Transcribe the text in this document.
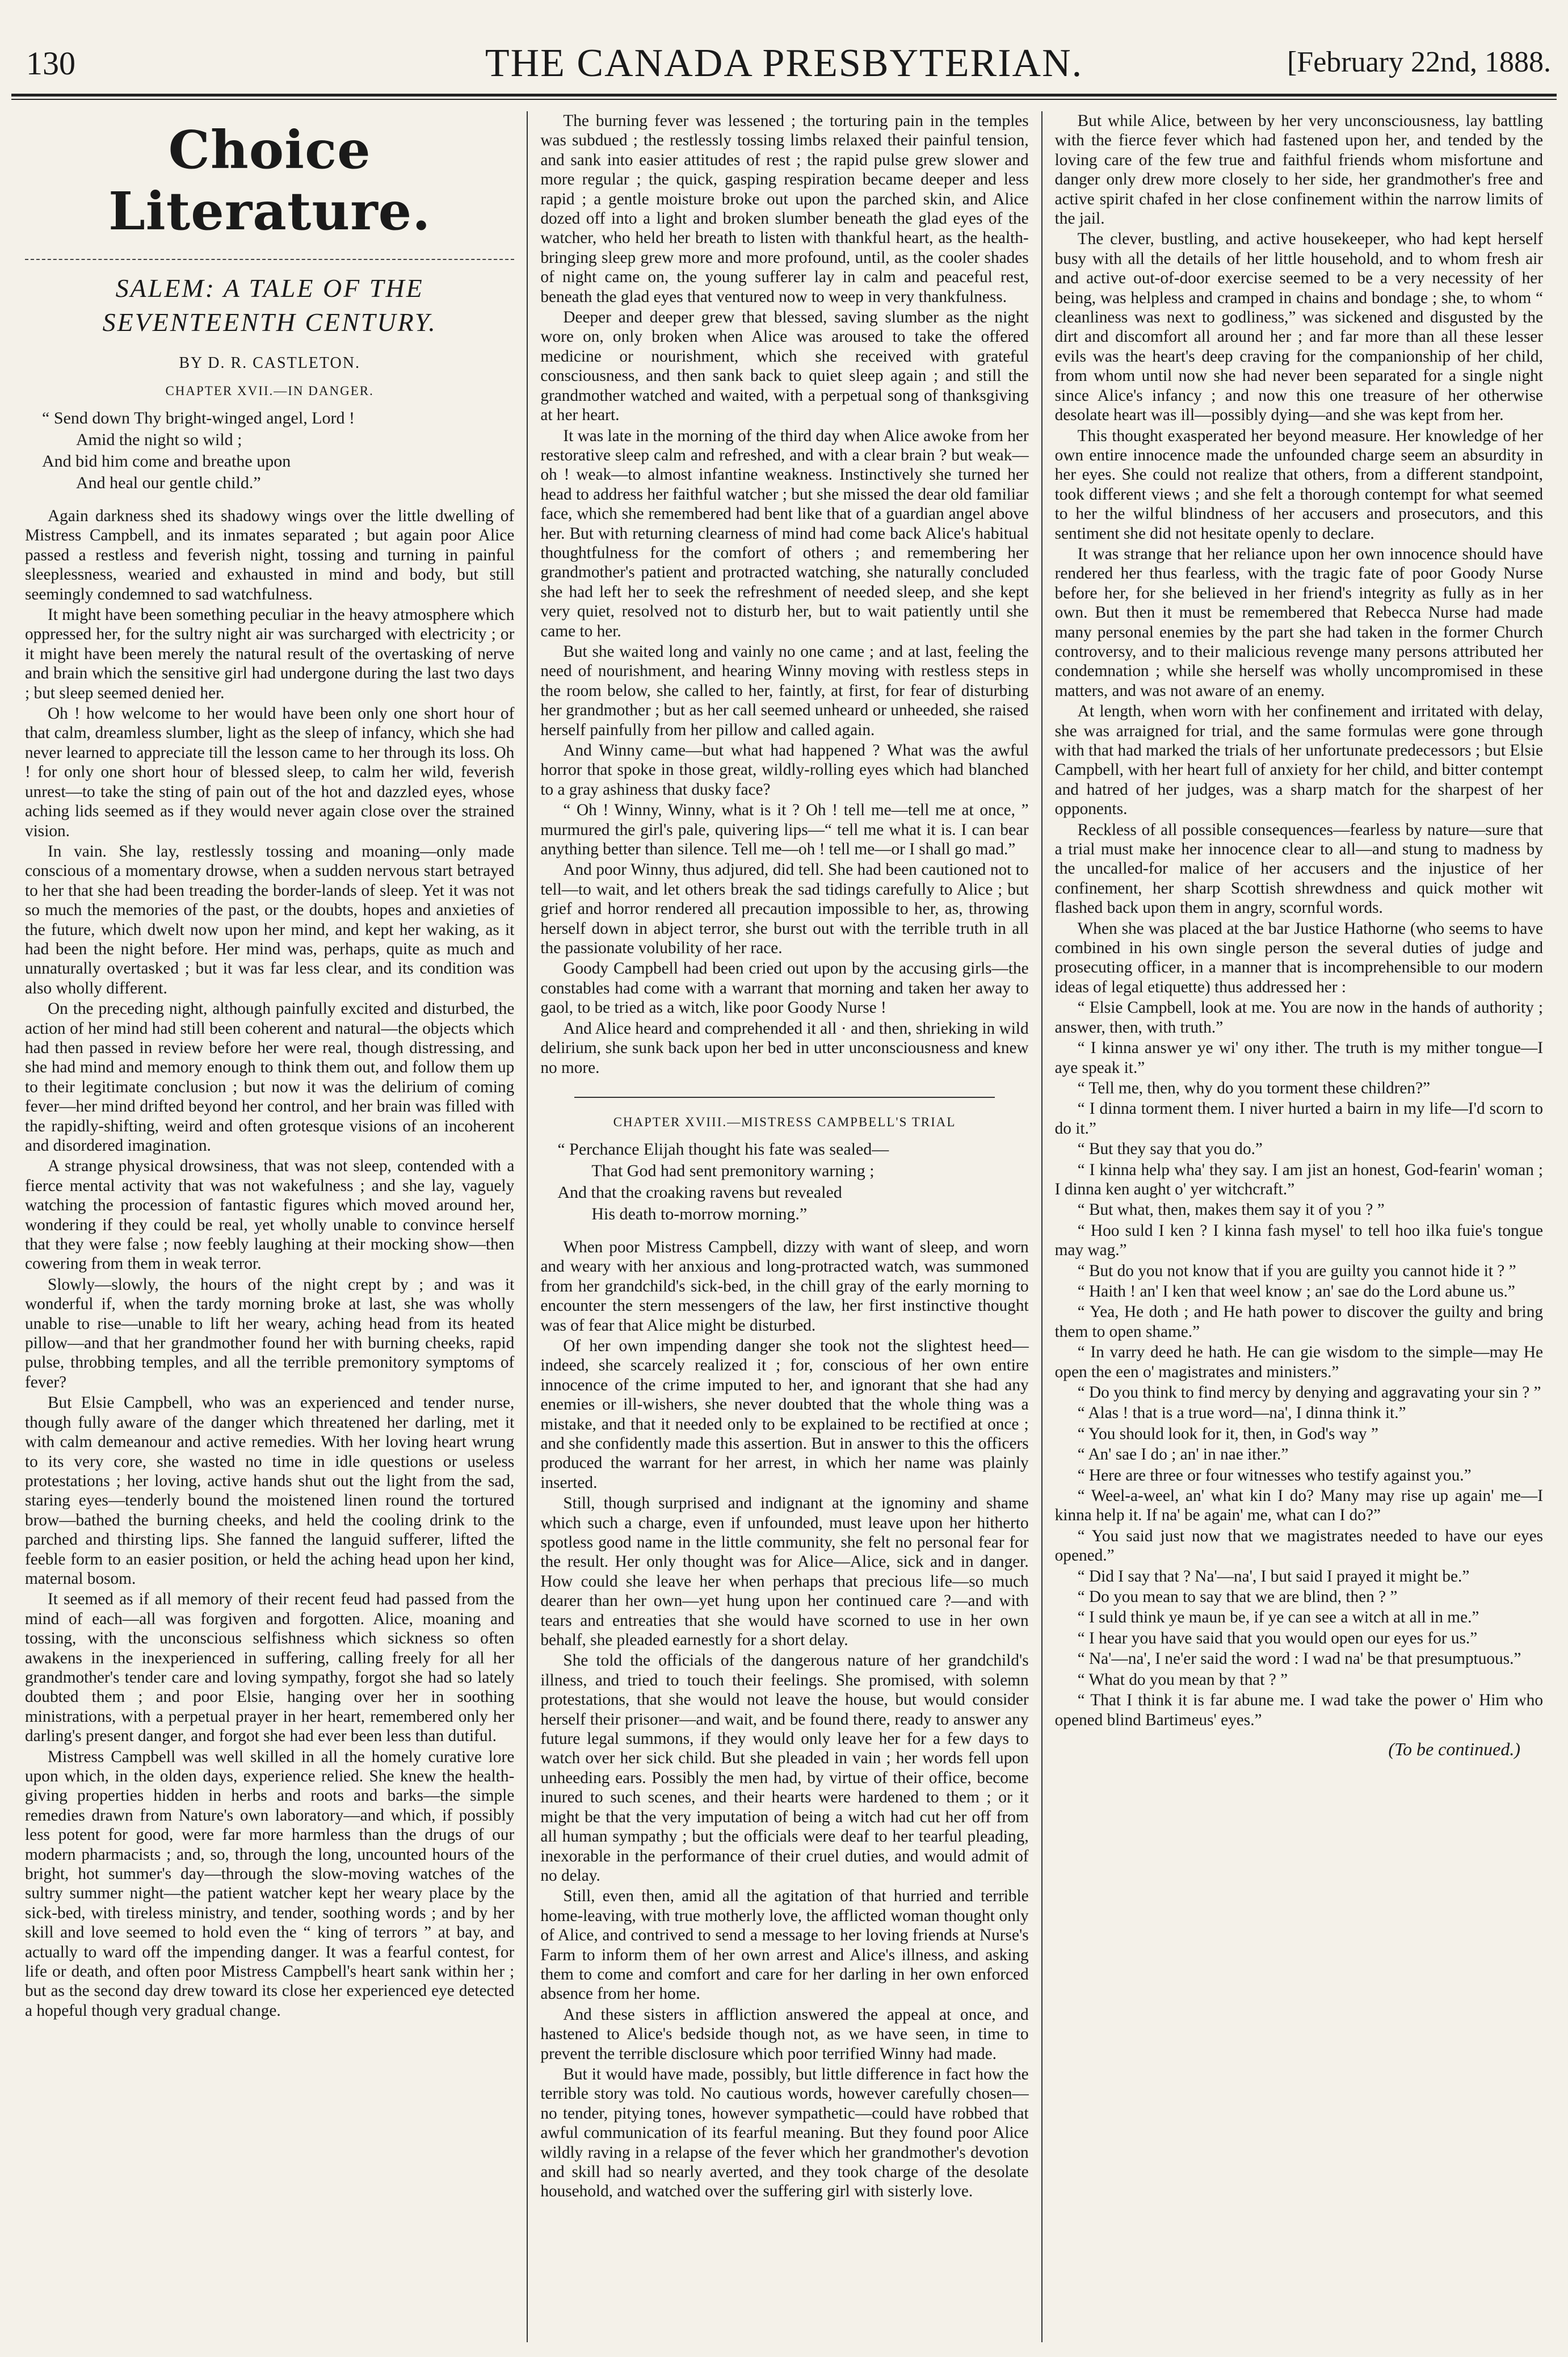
130	THE CANADA PRESBYTERIAN.	[February 22nd, 1888.
Choice Literature.
SALEM: A TALE OF THE SEVENTEENTH CENTURY.
BY D. R. CASTLETON.
CHAPTER XVII.—IN DANGER.
“ Send down Thy bright-winged angel, Lord !
Amid the night so wild ;
And bid him come and breathe upon
And heal our gentle child.”

Again darkness shed its shadowy wings over the little dwelling of Mistress Campbell, and its inmates separated ; but again poor Alice passed a restless and feverish night, tossing and turning in painful sleeplessness, wearied and exhausted in mind and body, but still seemingly condemned to sad watchfulness.

It might have been something peculiar in the heavy atmosphere which oppressed her, for the sultry night air was surcharged with electricity ; or it might have been merely the natural result of the overtasking of nerve and brain which the sensitive girl had undergone during the last two days ; but sleep seemed denied her.

Oh ! how welcome to her would have been only one short hour of that calm, dreamless slumber, light as the sleep of infancy, which she had never learned to appreciate till the lesson came to her through its loss. Oh ! for only one short hour of blessed sleep, to calm her wild, feverish unrest—to take the sting of pain out of the hot and dazzled eyes, whose aching lids seemed as if they would never again close over the strained vision.

In vain. She lay, restlessly tossing and moaning—only made conscious of a momentary drowse, when a sudden nervous start betrayed to her that she had been treading the border-lands of sleep. Yet it was not so much the memories of the past, or the doubts, hopes and anxieties of the future, which dwelt now upon her mind, and kept her waking, as it had been the night before. Her mind was, perhaps, quite as much and unnaturally overtasked ; but it was far less clear, and its condition was also wholly different.

On the preceding night, although painfully excited and disturbed, the action of her mind had still been coherent and natural—the objects which had then passed in review before her were real, though distressing, and she had mind and memory enough to think them out, and follow them up to their legitimate conclusion ; but now it was the delirium of coming fever—her mind drifted beyond her control, and her brain was filled with the rapidly-shifting, weird and often grotesque visions of an incoherent and disordered imagination.

A strange physical drowsiness, that was not sleep, contended with a fierce mental activity that was not wakefulness ; and she lay, vaguely watching the procession of fantastic figures which moved around her, wondering if they could be real, yet wholly unable to convince herself that they were false ; now feebly laughing at their mocking show—then cowering from them in weak terror.

Slowly—slowly, the hours of the night crept by ; and was it wonderful if, when the tardy morning broke at last, she was wholly unable to rise—unable to lift her weary, aching head from its heated pillow—and that her grandmother found her with burning cheeks, rapid pulse, throbbing temples, and all the terrible premonitory symptoms of fever?

But Elsie Campbell, who was an experienced and tender nurse, though fully aware of the danger which threatened her darling, met it with calm demeanour and active remedies. With her loving heart wrung to its very core, she wasted no time in idle questions or useless protestations ; her loving, active hands shut out the light from the sad, staring eyes—tenderly bound the moistened linen round the tortured brow—bathed the burning cheeks, and held the cooling drink to the parched and thirsting lips. She fanned the languid sufferer, lifted the feeble form to an easier position, or held the aching head upon her kind, maternal bosom.

It seemed as if all memory of their recent feud had passed from the mind of each—all was forgiven and forgotten. Alice, moaning and tossing, with the unconscious selfishness which sickness so often awakens in the inexperienced in suffering, calling freely for all her grandmother's tender care and loving sympathy, forgot she had so lately doubted them ; and poor Elsie, hanging over her in soothing ministrations, with a perpetual prayer in her heart, remembered only her darling's present danger, and forgot she had ever been less than dutiful.

Mistress Campbell was well skilled in all the homely curative lore upon which, in the olden days, experience relied. She knew the health-giving properties hidden in herbs and roots and barks—the simple remedies drawn from Nature's own laboratory—and which, if possibly less potent for good, were far more harmless than the drugs of our modern pharmacists ; and, so, through the long, uncounted hours of the bright, hot summer's day—through the slow-moving watches of the sultry summer night—the patient watcher kept her weary place by the sick-bed, with tireless ministry, and tender, soothing words ; and by her skill and love seemed to hold even the “ king of terrors ” at bay, and actually to ward off the impending danger. It was a fearful contest, for life or death, and often poor Mistress Campbell's heart sank within her ; but as the second day drew toward its close her experienced eye detected a hopeful though very gradual change.

The burning fever was lessened ; the torturing pain in the temples was subdued ; the restlessly tossing limbs relaxed their painful tension, and sank into easier attitudes of rest ; the rapid pulse grew slower and more regular ; the quick, gasping respiration became deeper and less rapid ; a gentle moisture broke out upon the parched skin, and Alice dozed off into a light and broken slumber beneath the glad eyes of the watcher, who held her breath to listen with thankful heart, as the health-bringing sleep grew more and more profound, until, as the cooler shades of night came on, the young sufferer lay in calm and peaceful rest, beneath the glad eyes that ventured now to weep in very thankfulness.

Deeper and deeper grew that blessed, saving slumber as the night wore on, only broken when Alice was aroused to take the offered medicine or nourishment, which she received with grateful consciousness, and then sank back to quiet sleep again ; and still the grandmother watched and waited, with a perpetual song of thanksgiving at her heart.

It was late in the morning of the third day when Alice awoke from her restorative sleep calm and refreshed, and with a clear brain ? but weak—oh ! weak—to almost infantine weakness. Instinctively she turned her head to address her faithful watcher ; but she missed the dear old familiar face, which she remembered had bent like that of a guardian angel above her. But with returning clearness of mind had come back Alice's habitual thoughtfulness for the comfort of others ; and remembering her grandmother's patient and protracted watching, she naturally concluded she had left her to seek the refreshment of needed sleep, and she kept very quiet, resolved not to disturb her, but to wait patiently until she came to her.

But she waited long and vainly no one came ; and at last, feeling the need of nourishment, and hearing Winny moving with restless steps in the room below, she called to her, faintly, at first, for fear of disturbing her grandmother ; but as her call seemed unheard or unheeded, she raised herself painfully from her pillow and called again.

And Winny came—but what had happened ? What was the awful horror that spoke in those great, wildly-rolling eyes which had blanched to a gray ashiness that dusky face?

“ Oh ! Winny, Winny, what is it ? Oh ! tell me—tell me at once, ” murmured the girl's pale, quivering lips—“ tell me what it is. I can bear anything better than silence. Tell me—oh ! tell me—or I shall go mad.”

And poor Winny, thus adjured, did tell. She had been cautioned not to tell—to wait, and let others break the sad tidings carefully to Alice ; but grief and horror rendered all precaution impossible to her, as, throwing herself down in abject terror, she burst out with the terrible truth in all the passionate volubility of her race.

Goody Campbell had been cried out upon by the accusing girls—the constables had come with a warrant that morning and taken her away to gaol, to be tried as a witch, like poor Goody Nurse !

And Alice heard and comprehended it all · and then, shrieking in wild delirium, she sunk back upon her bed in utter unconsciousness and knew no more.

CHAPTER XVIII.—MISTRESS CAMPBELL'S TRIAL
“ Perchance Elijah thought his fate was sealed—
That God had sent premonitory warning ;
And that the croaking ravens but revealed
His death to-morrow morning.”

When poor Mistress Campbell, dizzy with want of sleep, and worn and weary with her anxious and long-protracted watch, was summoned from her grandchild's sick-bed, in the chill gray of the early morning to encounter the stern messengers of the law, her first instinctive thought was of fear that Alice might be disturbed.

Of her own impending danger she took not the slightest heed—indeed, she scarcely realized it ; for, conscious of her own entire innocence of the crime imputed to her, and ignorant that she had any enemies or ill-wishers, she never doubted that the whole thing was a mistake, and that it needed only to be explained to be rectified at once ; and she confidently made this assertion. But in answer to this the officers produced the warrant for her arrest, in which her name was plainly inserted.

Still, though surprised and indignant at the ignominy and shame which such a charge, even if unfounded, must leave upon her hitherto spotless good name in the little community, she felt no personal fear for the result. Her only thought was for Alice—Alice, sick and in danger. How could she leave her when perhaps that precious life—so much dearer than her own—yet hung upon her continued care ?—and with tears and entreaties that she would have scorned to use in her own behalf, she pleaded earnestly for a short delay.

She told the officials of the dangerous nature of her grandchild's illness, and tried to touch their feelings. She promised, with solemn protestations, that she would not leave the house, but would consider herself their prisoner—and wait, and be found there, ready to answer any future legal summons, if they would only leave her for a few days to watch over her sick child. But she pleaded in vain ; her words fell upon unheeding ears. Possibly the men had, by virtue of their office, become inured to such scenes, and their hearts were hardened to them ; or it might be that the very imputation of being a witch had cut her off from all human sympathy ; but the officials were deaf to her tearful pleading, inexorable in the performance of their cruel duties, and would admit of no delay.

Still, even then, amid all the agitation of that hurried and terrible home-leaving, with true motherly love, the afflicted woman thought only of Alice, and contrived to send a message to her loving friends at Nurse's Farm to inform them of her own arrest and Alice's illness, and asking them to come and comfort and care for her darling in her own enforced absence from her home.

And these sisters in affliction answered the appeal at once, and hastened to Alice's bedside though not, as we have seen, in time to prevent the terrible disclosure which poor terrified Winny had made.

But it would have made, possibly, but little difference in fact how the terrible story was told. No cautious words, however carefully chosen—no tender, pitying tones, however sympathetic—could have robbed that awful communication of its fearful meaning. But they found poor Alice wildly raving in a relapse of the fever which her grandmother's devotion and skill had so nearly averted, and they took charge of the desolate household, and watched over the suffering girl with sisterly love.

But while Alice, between by her very unconsciousness, lay battling with the fierce fever which had fastened upon her, and tended by the loving care of the few true and faithful friends whom misfortune and danger only drew more closely to her side, her grandmother's free and active spirit chafed in her close confinement within the narrow limits of the jail.

The clever, bustling, and active housekeeper, who had kept herself busy with all the details of her little household, and to whom fresh air and active out-of-door exercise seemed to be a very necessity of her being, was helpless and cramped in chains and bondage ; she, to whom “ cleanliness was next to godliness,” was sickened and disgusted by the dirt and discomfort all around her ; and far more than all these lesser evils was the heart's deep craving for the companionship of her child, from whom until now she had never been separated for a single night since Alice's infancy ; and now this one treasure of her otherwise desolate heart was ill—possibly dying—and she was kept from her.

This thought exasperated her beyond measure. Her knowledge of her own entire innocence made the unfounded charge seem an absurdity in her eyes. She could not realize that others, from a different standpoint, took different views ; and she felt a thorough contempt for what seemed to her the wilful blindness of her accusers and prosecutors, and this sentiment she did not hesitate openly to declare.

It was strange that her reliance upon her own innocence should have rendered her thus fearless, with the tragic fate of poor Goody Nurse before her, for she believed in her friend's integrity as fully as in her own. But then it must be remembered that Rebecca Nurse had made many personal enemies by the part she had taken in the former Church controversy, and to their malicious revenge many persons attributed her condemnation ; while she herself was wholly uncompromised in these matters, and was not aware of an enemy.

At length, when worn with her confinement and irritated with delay, she was arraigned for trial, and the same formulas were gone through with that had marked the trials of her unfortunate predecessors ; but Elsie Campbell, with her heart full of anxiety for her child, and bitter contempt and hatred of her judges, was a sharp match for the sharpest of her opponents.

Reckless of all possible consequences—fearless by nature—sure that a trial must make her innocence clear to all—and stung to madness by the uncalled-for malice of her accusers and the injustice of her confinement, her sharp Scottish shrewdness and quick mother wit flashed back upon them in angry, scornful words.

When she was placed at the bar Justice Hathorne (who seems to have combined in his own single person the several duties of judge and prosecuting officer, in a manner that is incomprehensible to our modern ideas of legal etiquette) thus addressed her :

“ Elsie Campbell, look at me. You are now in the hands of authority ; answer, then, with truth.”

“ I kinna answer ye wi' ony ither. The truth is my mither tongue—I aye speak it.”

“ Tell me, then, why do you torment these children?”

“ I dinna torment them. I niver hurted a bairn in my life—I'd scorn to do it.”

“ But they say that you do.”

“ I kinna help wha' they say. I am jist an honest, God-fearin' woman ; I dinna ken aught o' yer witchcraft.”

“ But what, then, makes them say it of you ? ”

“ Hoo suld I ken ? I kinna fash mysel' to tell hoo ilka fuie's tongue may wag.”

“ But do you not know that if you are guilty you cannot hide it ? ”

“ Haith ! an' I ken that weel know ; an' sae do the Lord abune us.”

“ Yea, He doth ; and He hath power to discover the guilty and bring them to open shame.”

“ In varry deed he hath. He can gie wisdom to the simple—may He open the een o' magistrates and ministers.”

“ Do you think to find mercy by denying and aggravating your sin ? ”

“ Alas ! that is a true word—na', I dinna think it.”

“ You should look for it, then, in God's way ”

“ An' sae I do ; an' in nae ither.”

“ Here are three or four witnesses who testify against you.”

“ Weel-a-weel, an' what kin I do? Many may rise up again' me—I kinna help it. If na' be again' me, what can I do?”

“ You said just now that we magistrates needed to have our eyes opened.”

“ Did I say that ? Na'—na', I but said I prayed it might be.”

“ Do you mean to say that we are blind, then ? ”

“ I suld think ye maun be, if ye can see a witch at all in me.”

“ I hear you have said that you would open our eyes for us.”

“ Na'—na', I ne'er said the word : I wad na' be that presumptuous.”

“ What do you mean by that ? ”

“ That I think it is far abune me. I wad take the power o' Him who opened blind Bartimeus' eyes.”

(To be continued.)
